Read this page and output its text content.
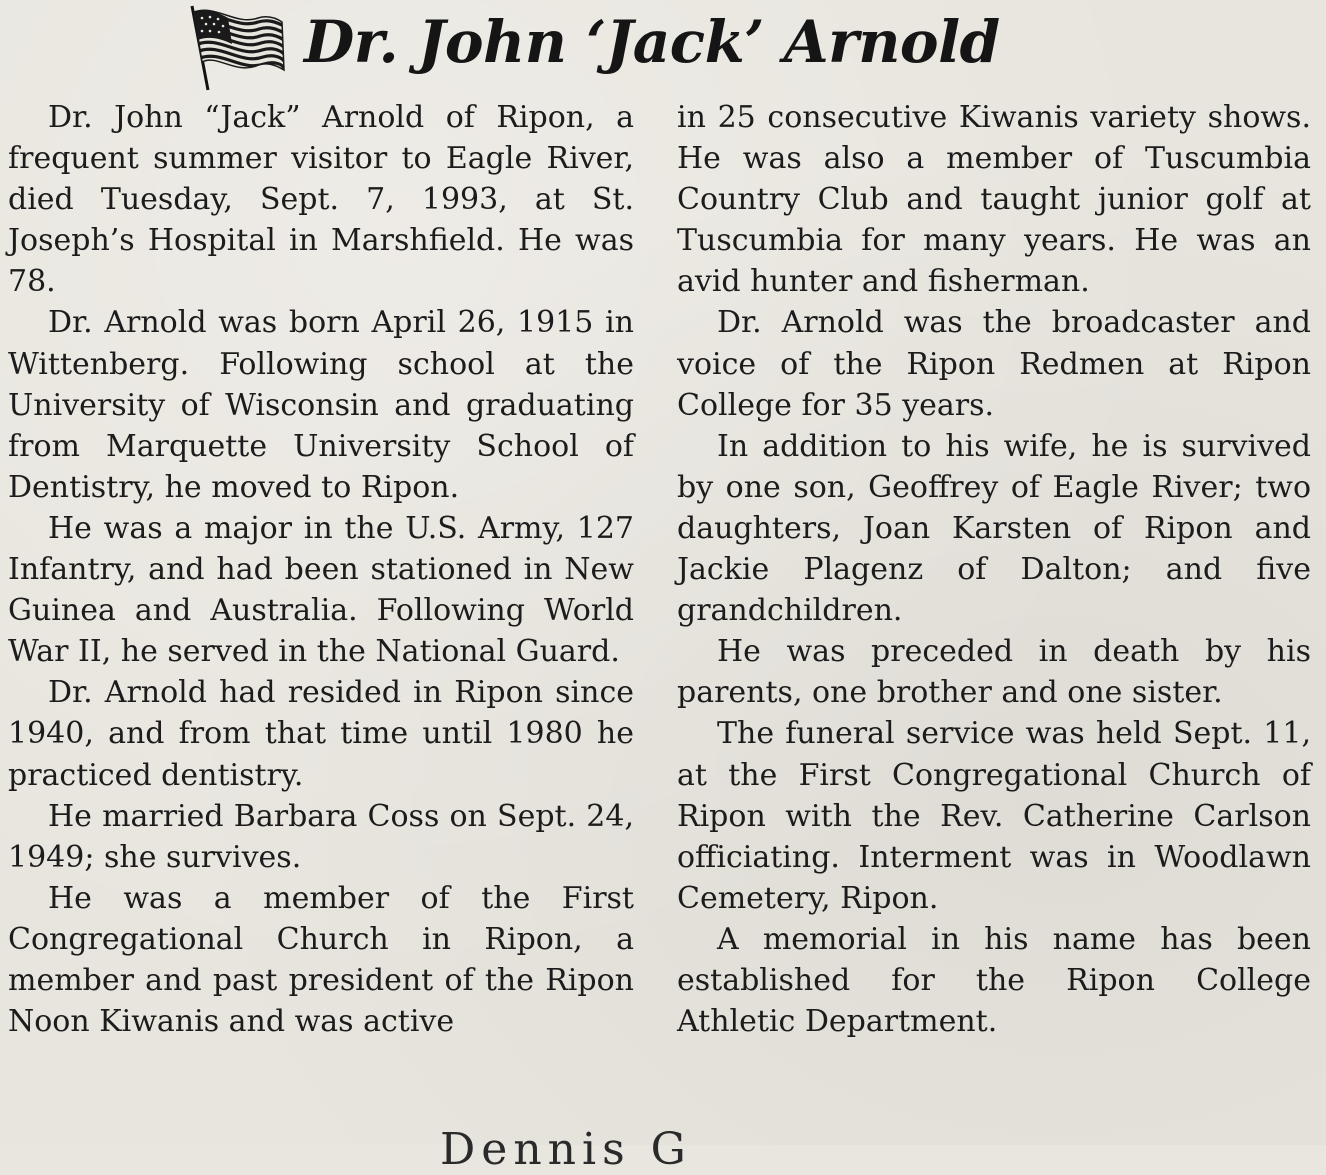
Dr. John ‘Jack’ Arnold

Dr. John “Jack” Arnold of Ripon, a frequent summer visitor to Eagle River, died Tuesday, Sept. 7, 1993, at St. Joseph’s Hospital in Marshfield. He was 78.

Dr. Arnold was born April 26, 1915 in Wittenberg. Following school at the University of Wisconsin and graduating from Marquette University School of Dentistry, he moved to Ripon.

He was a major in the U.S. Army, 127 Infantry, and had been stationed in New Guinea and Australia. Following World War II, he served in the National Guard.

Dr. Arnold had resided in Ripon since 1940, and from that time until 1980 he practiced dentistry.

He married Barbara Coss on Sept. 24, 1949; she survives.

He was a member of the First Congregational Church in Ripon, a member and past president of the Ripon Noon Kiwanis and was active

in 25 consecutive Kiwanis variety shows. He was also a member of Tuscumbia Country Club and taught junior golf at Tuscumbia for many years. He was an avid hunter and fisherman.

Dr. Arnold was the broadcaster and voice of the Ripon Redmen at Ripon College for 35 years.

In addition to his wife, he is survived by one son, Geoffrey of Eagle River; two daughters, Joan Karsten of Ripon and Jackie Plagenz of Dalton; and five grandchildren.

He was preceded in death by his parents, one brother and one sister.

The funeral service was held Sept. 11, at the First Congregational Church of Ripon with the Rev. Catherine Carlson officiating. Interment was in Woodlawn Cemetery, Ripon.

A memorial in his name has been established for the Ripon College Athletic Department.

Dennis G
